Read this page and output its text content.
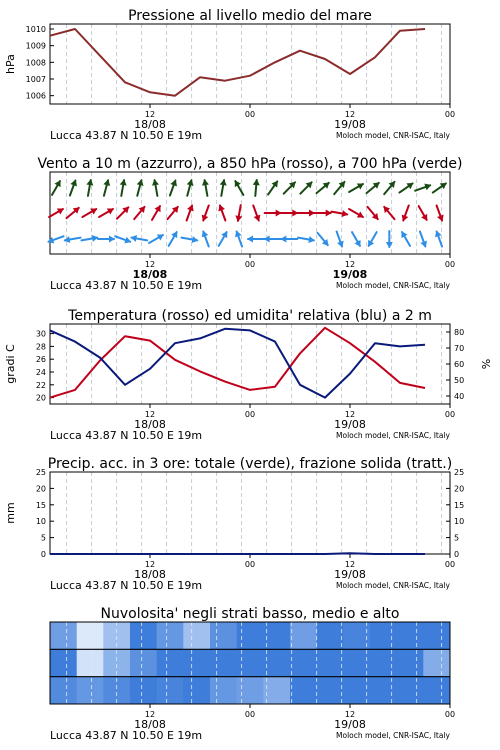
Pressione al livello medio del mare
12	00	12	00
18/08	19/08
Lucca 43.87 N 10.50 E 19m	Moloch model, CNR-ISAC, Italy
1006
1007
1008
1009
1010
hPa
Vento a 10 m (azzurro), a 850 hPa (rosso), a 700 hPa (verde)
12	00	12	00
18/08	19/08
Lucca 43.87 N 10.50 E 19m	Moloch model, CNR-ISAC, Italy
Temperatura (rosso) ed umidita' relativa (blu) a 2 m
12	00	12	00
18/08	19/08
Lucca 43.87 N 10.50 E 19m	Moloch model, CNR-ISAC, Italy
20
22
24
26
28
30
40
50
60
70
80
gradi C	%
Precip. acc. in 3 ore: totale (verde), frazione solida (tratt.)
12	00	12	00
18/08	19/08
Lucca 43.87 N 10.50 E 19m	Moloch model, CNR-ISAC, Italy
0
5
10
15
20
25
0
5
10
15
20
25
mm
Nuvolosita' negli strati basso, medio e alto
12	00	12	00
18/08	19/08
Lucca 43.87 N 10.50 E 19m	Moloch model, CNR-ISAC, Italy
